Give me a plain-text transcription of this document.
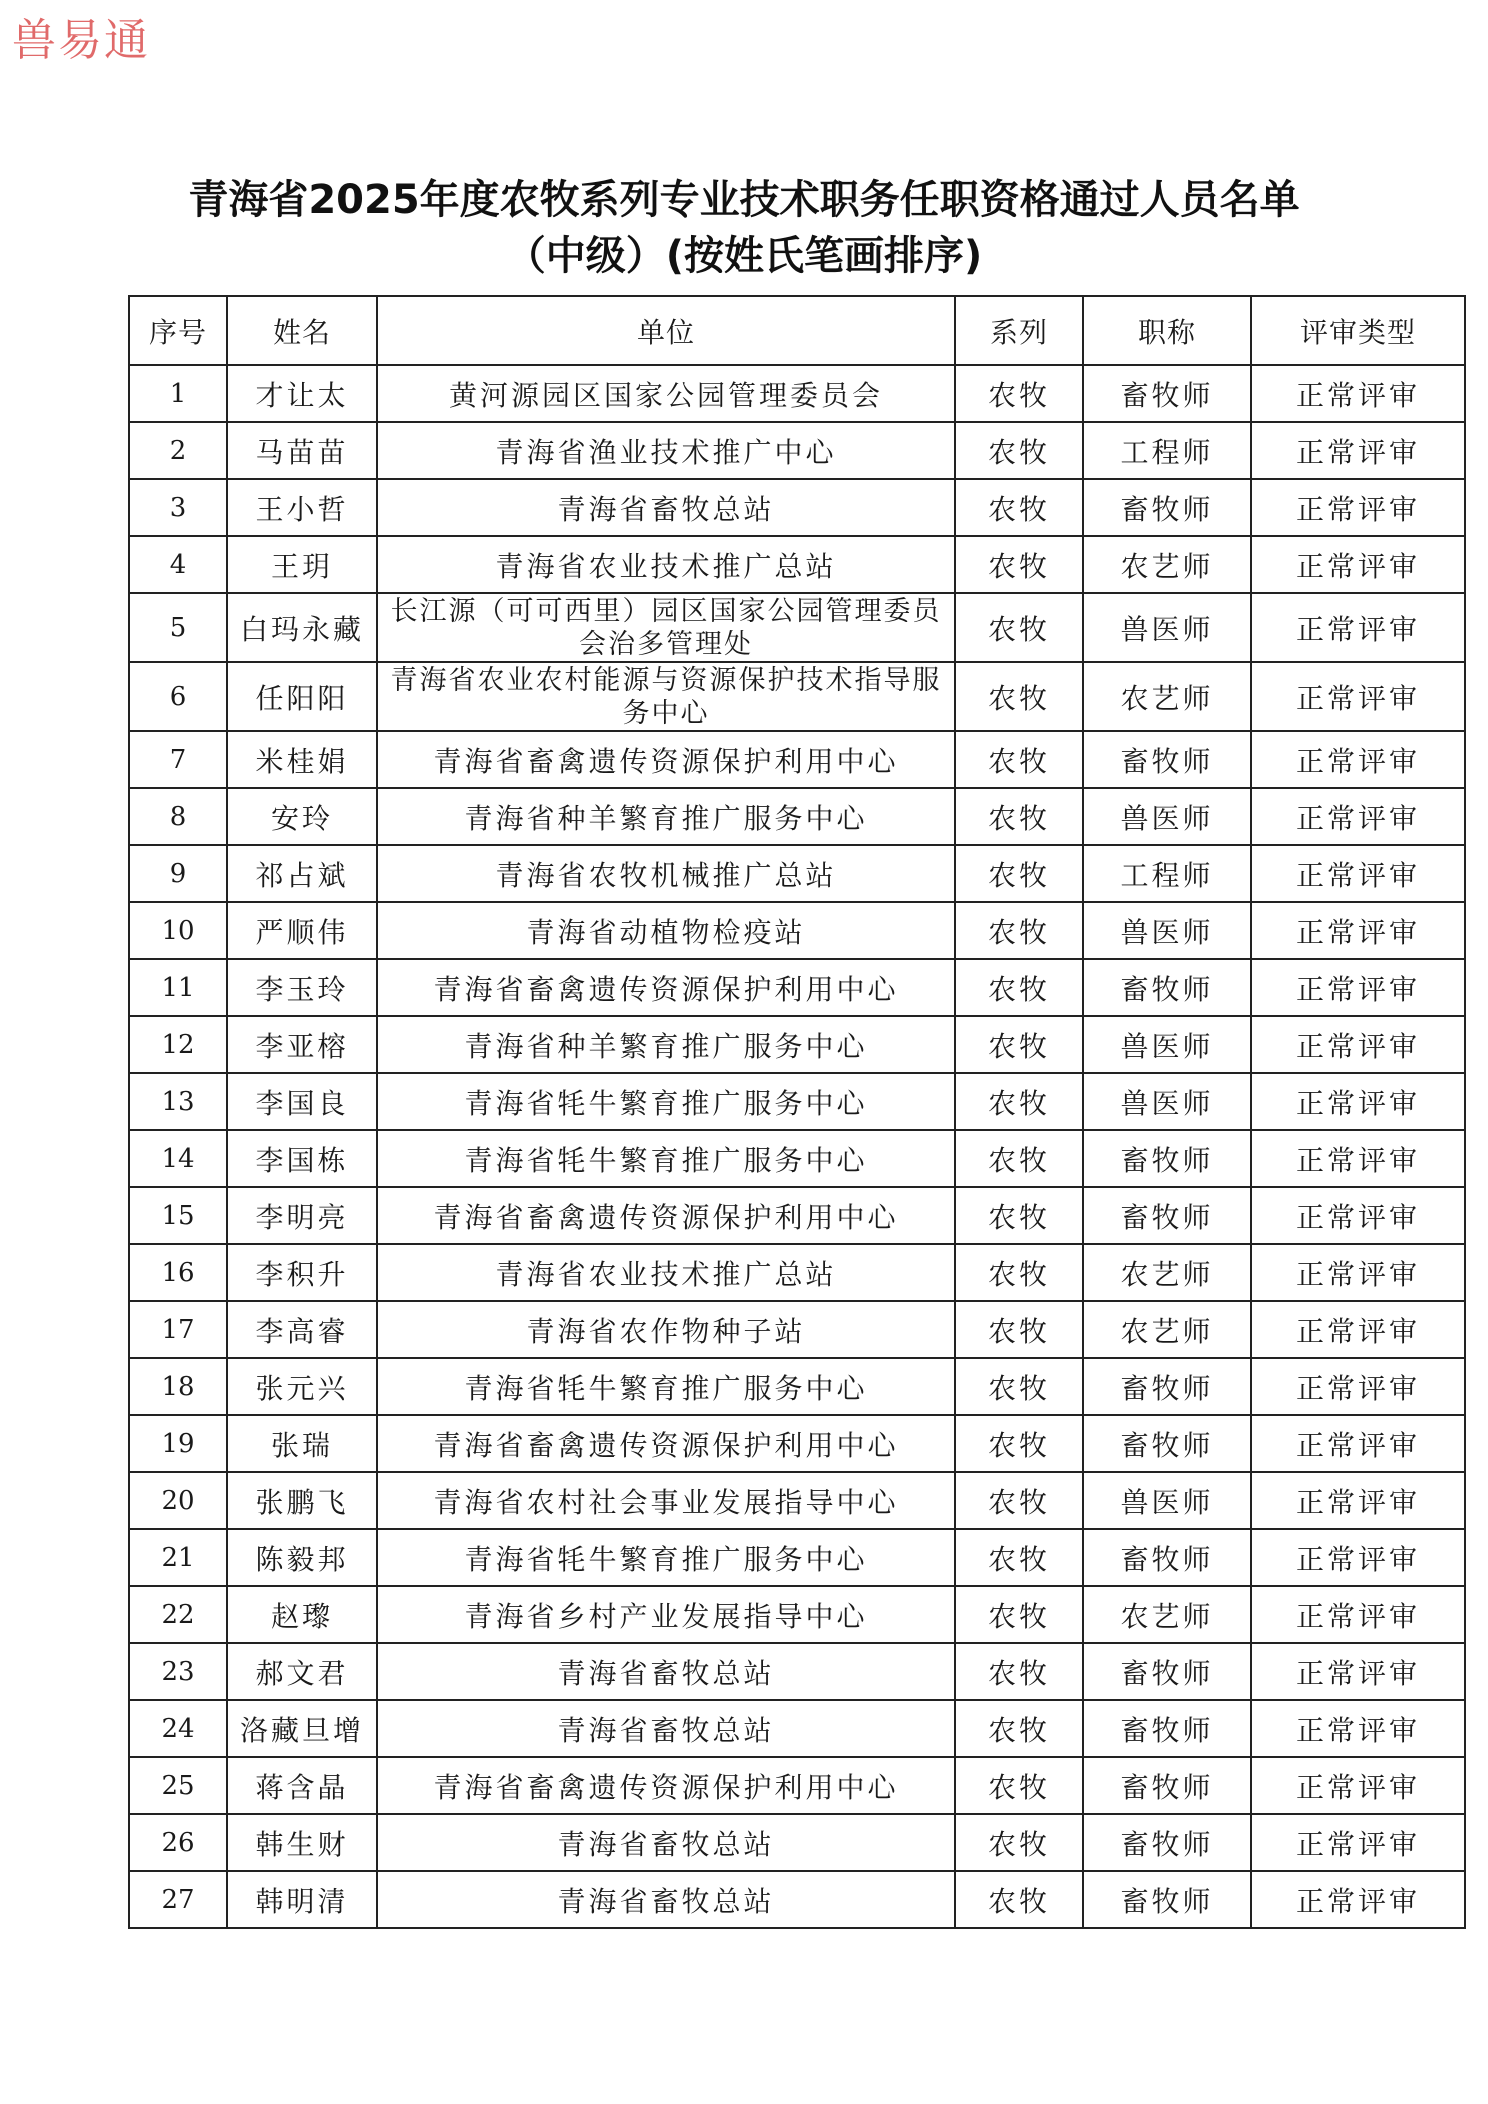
兽易通
青海省2025年度农牧系列专业技术职务任职资格通过人员名单
（中级）(按姓氏笔画排序)
序号	姓名	单位	系列	职称	评审类型
1	才让太	黄河源园区国家公园管理委员会	农牧	畜牧师	正常评审
2	马苗苗	青海省渔业技术推广中心	农牧	工程师	正常评审
3	王小哲	青海省畜牧总站	农牧	畜牧师	正常评审
4	王玥	青海省农业技术推广总站	农牧	农艺师	正常评审
5	白玛永藏	长江源（可可西里）园区国家公园管理委员会治多管理处	农牧	兽医师	正常评审
6	任阳阳	青海省农业农村能源与资源保护技术指导服务中心	农牧	农艺师	正常评审
7	米桂娟	青海省畜禽遗传资源保护利用中心	农牧	畜牧师	正常评审
8	安玲	青海省种羊繁育推广服务中心	农牧	兽医师	正常评审
9	祁占斌	青海省农牧机械推广总站	农牧	工程师	正常评审
10	严顺伟	青海省动植物检疫站	农牧	兽医师	正常评审
11	李玉玲	青海省畜禽遗传资源保护利用中心	农牧	畜牧师	正常评审
12	李亚榕	青海省种羊繁育推广服务中心	农牧	兽医师	正常评审
13	李国良	青海省牦牛繁育推广服务中心	农牧	兽医师	正常评审
14	李国栋	青海省牦牛繁育推广服务中心	农牧	畜牧师	正常评审
15	李明亮	青海省畜禽遗传资源保护利用中心	农牧	畜牧师	正常评审
16	李积升	青海省农业技术推广总站	农牧	农艺师	正常评审
17	李高睿	青海省农作物种子站	农牧	农艺师	正常评审
18	张元兴	青海省牦牛繁育推广服务中心	农牧	畜牧师	正常评审
19	张瑞	青海省畜禽遗传资源保护利用中心	农牧	畜牧师	正常评审
20	张鹏飞	青海省农村社会事业发展指导中心	农牧	兽医师	正常评审
21	陈毅邦	青海省牦牛繁育推广服务中心	农牧	畜牧师	正常评审
22	赵瓈	青海省乡村产业发展指导中心	农牧	农艺师	正常评审
23	郝文君	青海省畜牧总站	农牧	畜牧师	正常评审
24	洛藏旦增	青海省畜牧总站	农牧	畜牧师	正常评审
25	蒋含晶	青海省畜禽遗传资源保护利用中心	农牧	畜牧师	正常评审
26	韩生财	青海省畜牧总站	农牧	畜牧师	正常评审
27	韩明清	青海省畜牧总站	农牧	畜牧师	正常评审
